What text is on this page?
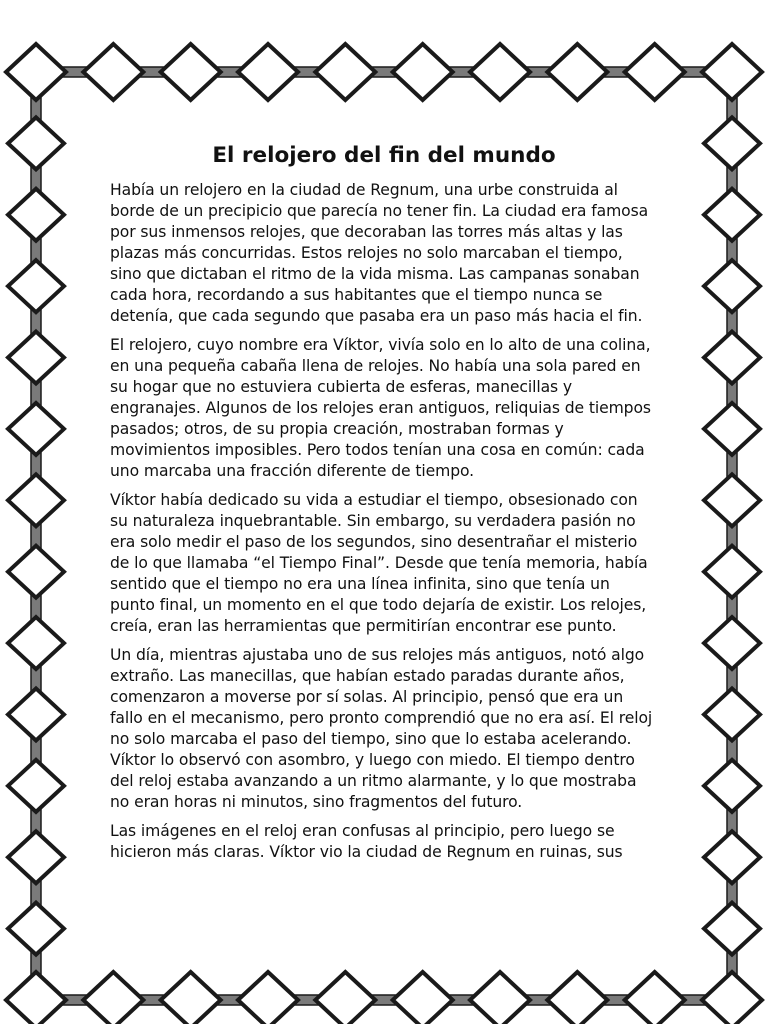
El relojero del fin del mundo

Había un relojero en la ciudad de Regnum, una urbe construida al borde de un precipicio que parecía no tener fin. La ciudad era famosa por sus inmensos relojes, que decoraban las torres más altas y las plazas más concurridas. Estos relojes no solo marcaban el tiempo, sino que dictaban el ritmo de la vida misma. Las campanas sonaban cada hora, recordando a sus habitantes que el tiempo nunca se detenía, que cada segundo que pasaba era un paso más hacia el fin.

El relojero, cuyo nombre era Víktor, vivía solo en lo alto de una colina, en una pequeña cabaña llena de relojes. No había una sola pared en su hogar que no estuviera cubierta de esferas, manecillas y engranajes. Algunos de los relojes eran antiguos, reliquias de tiempos pasados; otros, de su propia creación, mostraban formas y movimientos imposibles. Pero todos tenían una cosa en común: cada uno marcaba una fracción diferente de tiempo.

Víktor había dedicado su vida a estudiar el tiempo, obsesionado con su naturaleza inquebrantable. Sin embargo, su verdadera pasión no era solo medir el paso de los segundos, sino desentrañar el misterio de lo que llamaba “el Tiempo Final”. Desde que tenía memoria, había sentido que el tiempo no era una línea infinita, sino que tenía un punto final, un momento en el que todo dejaría de existir. Los relojes, creía, eran las herramientas que permitirían encontrar ese punto.

Un día, mientras ajustaba uno de sus relojes más antiguos, notó algo extraño. Las manecillas, que habían estado paradas durante años, comenzaron a moverse por sí solas. Al principio, pensó que era un fallo en el mecanismo, pero pronto comprendió que no era así. El reloj no solo marcaba el paso del tiempo, sino que lo estaba acelerando. Víktor lo observó con asombro, y luego con miedo. El tiempo dentro del reloj estaba avanzando a un ritmo alarmante, y lo que mostraba no eran horas ni minutos, sino fragmentos del futuro.

Las imágenes en el reloj eran confusas al principio, pero luego se hicieron más claras. Víktor vio la ciudad de Regnum en ruinas, sus
